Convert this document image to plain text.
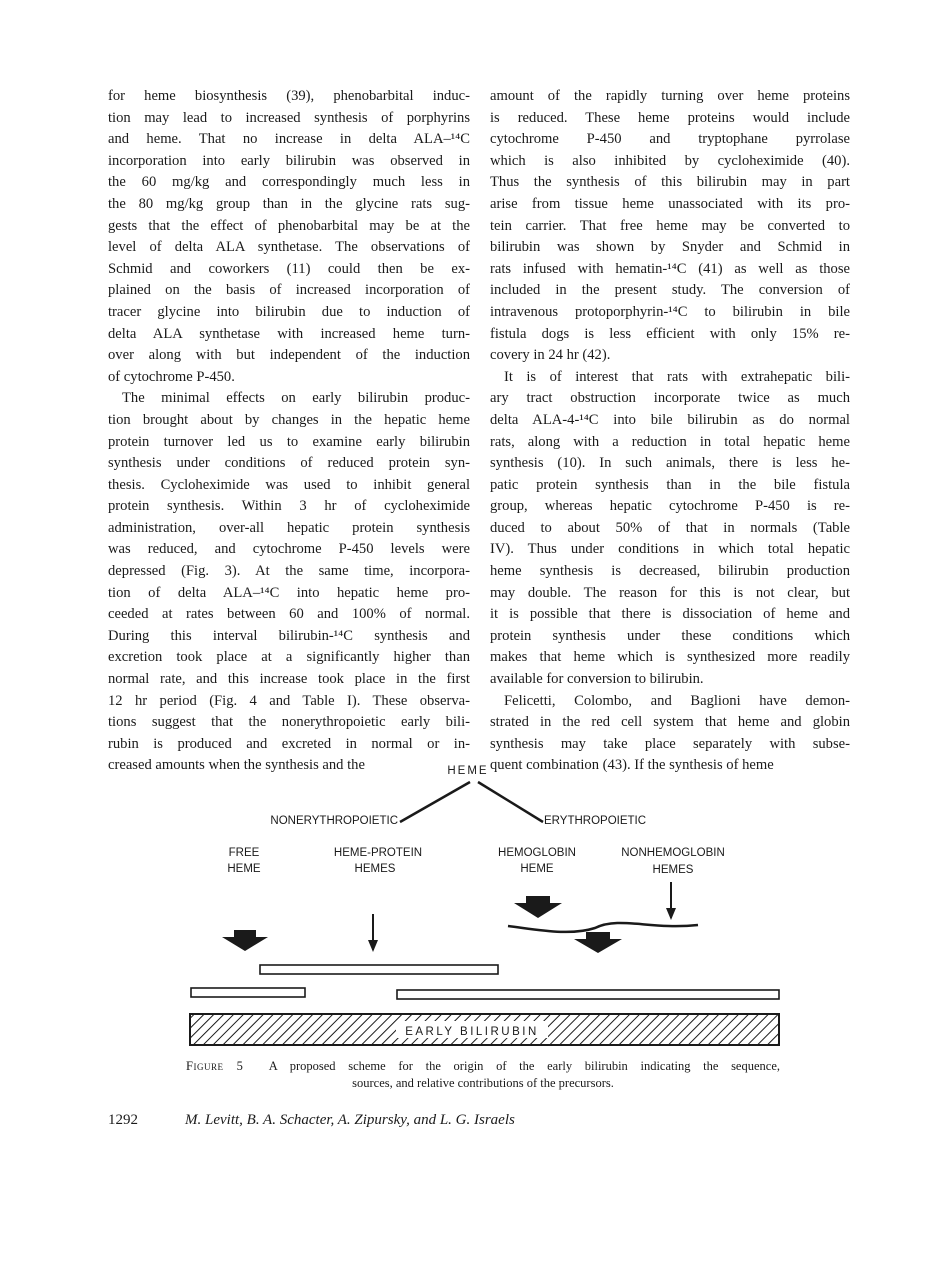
for heme biosynthesis (39), phenobarbital induc-
tion may lead to increased synthesis of porphyrins
and heme. That no increase in delta ALA–¹⁴C
incorporation into early bilirubin was observed in
the 60 mg/kg and correspondingly much less in
the 80 mg/kg group than in the glycine rats sug-
gests that the effect of phenobarbital may be at the
level of delta ALA synthetase. The observations of
Schmid and coworkers (11) could then be ex-
plained on the basis of increased incorporation of
tracer glycine into bilirubin due to induction of
delta ALA synthetase with increased heme turn-
over along with but independent of the induction
of cytochrome P-450.
The minimal effects on early bilirubin produc-
tion brought about by changes in the hepatic heme
protein turnover led us to examine early bilirubin
synthesis under conditions of reduced protein syn-
thesis. Cycloheximide was used to inhibit general
protein synthesis. Within 3 hr of cycloheximide
administration, over-all hepatic protein synthesis
was reduced, and cytochrome P-450 levels were
depressed (Fig. 3). At the same time, incorpora-
tion of delta ALA–¹⁴C into hepatic heme pro-
ceeded at rates between 60 and 100% of normal.
During this interval bilirubin-¹⁴C synthesis and
excretion took place at a significantly higher than
normal rate, and this increase took place in the first
12 hr period (Fig. 4 and Table I). These observa-
tions suggest that the nonerythropoietic early bili-
rubin is produced and excreted in normal or in-
creased amounts when the synthesis and the
amount of the rapidly turning over heme proteins
is reduced. These heme proteins would include
cytochrome P-450 and tryptophane pyrrolase
which is also inhibited by cycloheximide (40).
Thus the synthesis of this bilirubin may in part
arise from tissue heme unassociated with its pro-
tein carrier. That free heme may be converted to
bilirubin was shown by Snyder and Schmid in
rats infused with hematin-¹⁴C (41) as well as those
included in the present study. The conversion of
intravenous protoporphyrin-¹⁴C to bilirubin in bile
fistula dogs is less efficient with only 15% re-
covery in 24 hr (42).
It is of interest that rats with extrahepatic bili-
ary tract obstruction incorporate twice as much
delta ALA-4-¹⁴C into bile bilirubin as do normal
rats, along with a reduction in total hepatic heme
synthesis (10). In such animals, there is less he-
patic protein synthesis than in the bile fistula
group, whereas hepatic cytochrome P-450 is re-
duced to about 50% of that in normals (Table
IV). Thus under conditions in which total hepatic
heme synthesis is decreased, bilirubin production
may double. The reason for this is not clear, but
it is possible that there is dissociation of heme and
protein synthesis under these conditions which
makes that heme which is synthesized more readily
available for conversion to bilirubin.
Felicetti, Colombo, and Baglioni have demon-
strated in the red cell system that heme and globin
synthesis may take place separately with subse-
quent combination (43). If the synthesis of heme
HEME
NONERYTHROPOIETIC	ERYTHROPOIETIC
FREE
HEME
HEME-PROTEIN
HEMES
HEMOGLOBIN
HEME
NONHEMOGLOBIN
HEMES
EARLY BILIRUBIN
Figure 5 A proposed scheme for the origin of the early bilirubin indicating the sequence,
sources, and relative contributions of the precursors.
1292	M. Levitt, B. A. Schacter, A. Zipursky, and L. G. Israels
